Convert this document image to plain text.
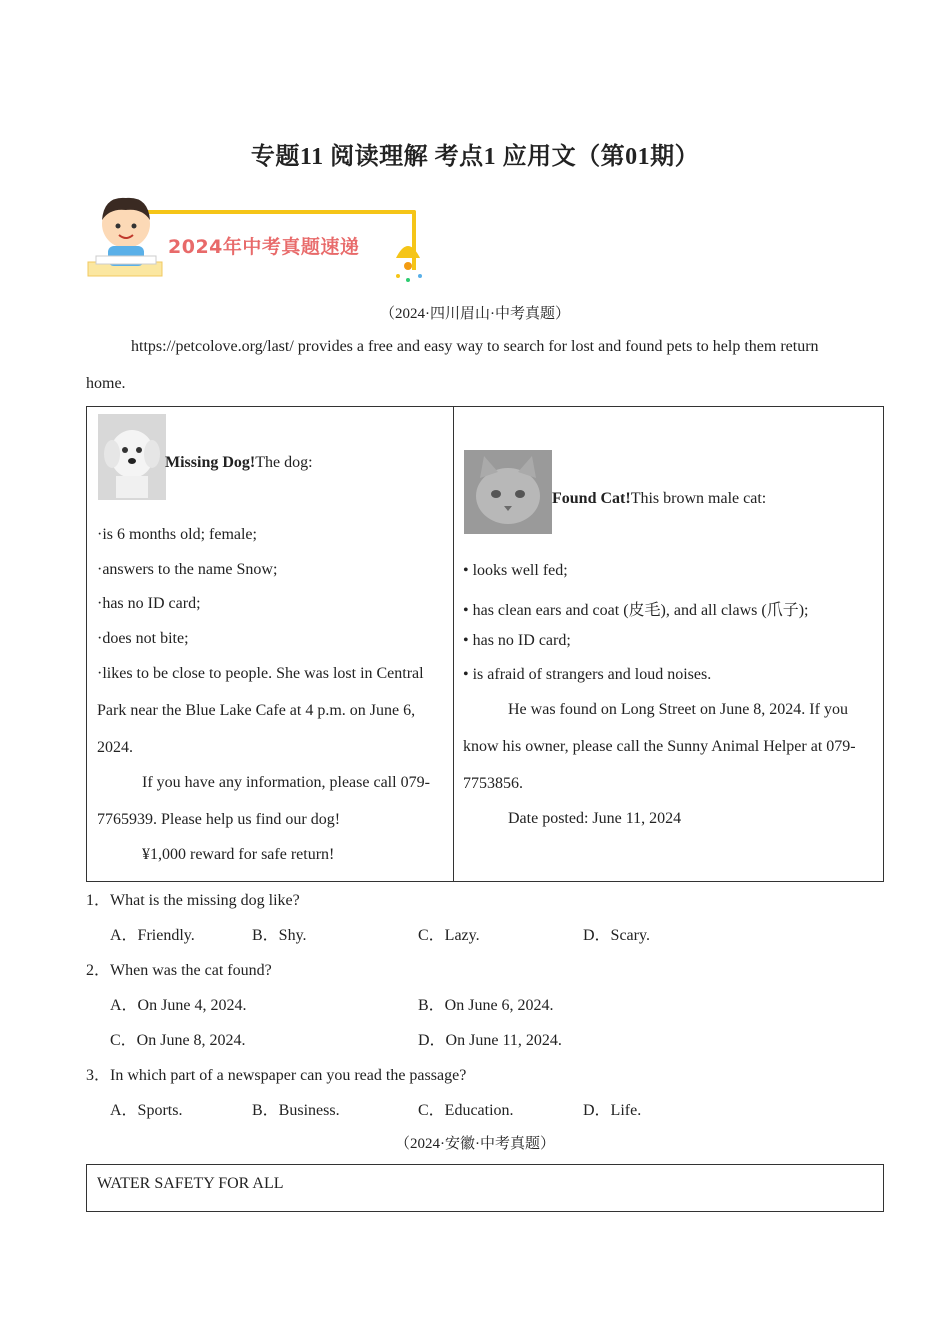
专题11 阅读理解 考点1 应用文（第01期）
2024年中考真题速递
（2024·四川眉山·中考真题）
https://petcolove.org/last/ provides a free and easy way to search for lost and found pets to help them return
home.
Missing Dog!The dog:
·is 6 months old; female;
·answers to the name Snow;
·has no ID card;
·does not bite;
·likes to be close to people. She was lost in Central
Park near the Blue Lake Cafe at 4 p.m. on June 6,
2024.
If you have any information, please call 079-
7765939. Please help us find our dog!
¥1,000 reward for safe return!
Found Cat!This brown male cat:
• looks well fed;
• has clean ears and coat (皮毛), and all claws (爪子);
• has no ID card;
• is afraid of strangers and loud noises.
He was found on Long Street on June 8, 2024. If you
know his owner, please call the Sunny Animal Helper at 079-
7753856.
Date posted: June 11, 2024
1．What is the missing dog like?
A．Friendly.	B．Shy.	C．Lazy.	D．Scary.
2．When was the cat found?
A．On June 4, 2024.	B．On June 6, 2024.
C．On June 8, 2024.	D．On June 11, 2024.
3．In which part of a newspaper can you read the passage?
A．Sports.	B．Business.	C．Education.	D．Life.
（2024·安徽·中考真题）
WATER SAFETY FOR ALL
